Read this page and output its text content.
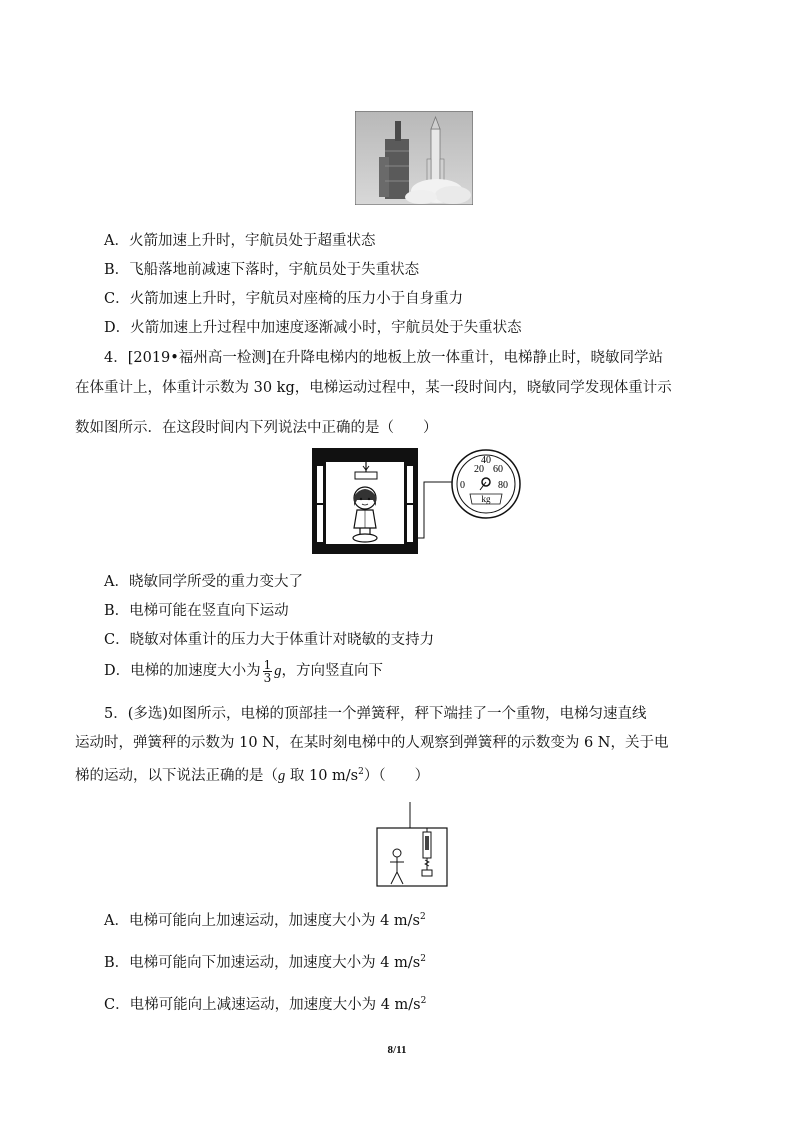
A．火箭加速上升时，宇航员处于超重状态
B．飞船落地前减速下落时，宇航员处于失重状态
C．火箭加速上升时，宇航员对座椅的压力小于自身重力
D．火箭加速上升过程中加速度逐渐减小时，宇航员处于失重状态
4．[2019•福州高一检测]在升降电梯内的地板上放一体重计，电梯静止时，晓敏同学站
在体重计上，体重计示数为 30 kg，电梯运动过程中，某一段时间内，晓敏同学发现体重计示
数如图所示．在这段时间内下列说法中正确的是（　　）
20
40
60
0	80
kg
A．晓敏同学所受的重力变大了
B．电梯可能在竖直向下运动
C．晓敏对体重计的压力大于体重计对晓敏的支持力
D．电梯的加速度大小为 $\frac{1}{3}$ g，方向竖直向下
5．(多选)如图所示，电梯的顶部挂一个弹簧秤，秤下端挂了一个重物，电梯匀速直线
运动时，弹簧秤的示数为 10 N，在某时刻电梯中的人观察到弹簧秤的示数变为 6 N，关于电
梯的运动，以下说法正确的是（g 取 10 $m/s^2$）（　　）
A．电梯可能向上加速运动，加速度大小为 4 $m/s^2$
B．电梯可能向下加速运动，加速度大小为 4 $m/s^2$
C．电梯可能向上减速运动，加速度大小为 4 $m/s^2$
8/11
